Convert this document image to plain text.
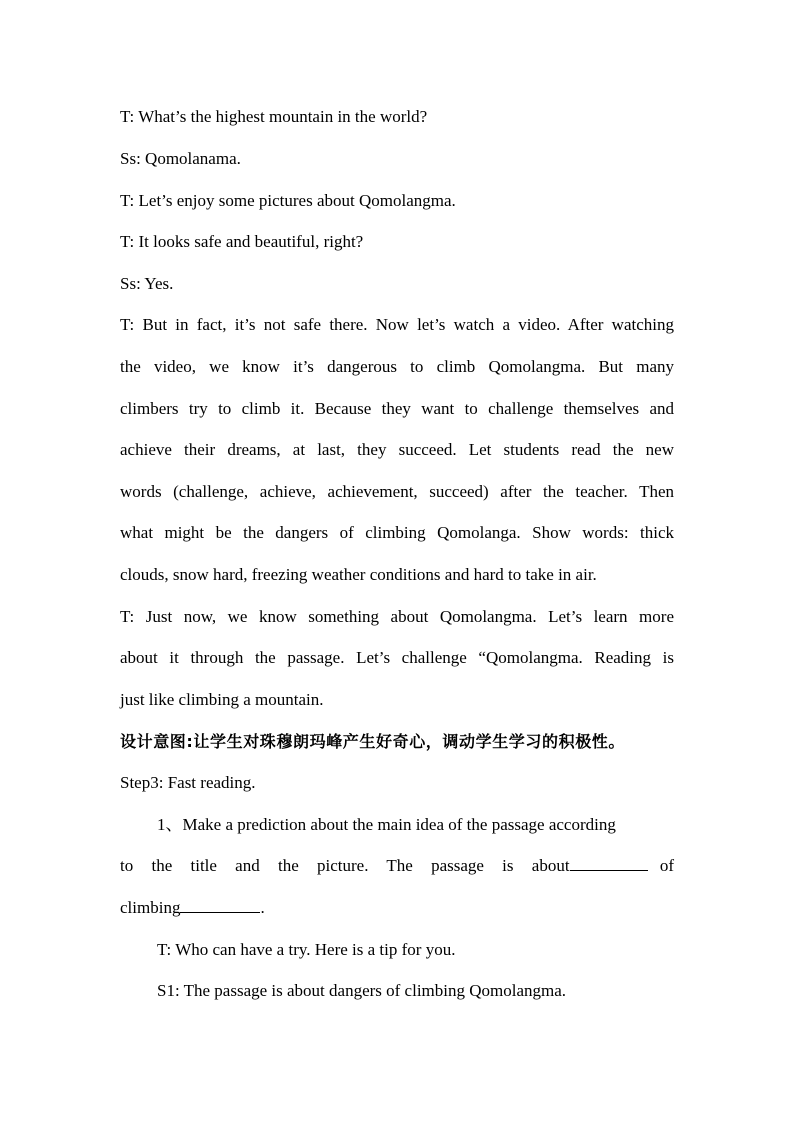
T: What’s the highest mountain in the world?
Ss: Qomolanama.
T: Let’s enjoy some pictures about Qomolangma.
T: It looks safe and beautiful, right?
Ss: Yes.
T: But in fact, it’s not safe there. Now let’s watch a video. After watching
the video, we know it’s dangerous to climb Qomolangma. But many
climbers try to climb it. Because they want to challenge themselves and
achieve their dreams, at last, they succeed. Let students read the new
words (challenge, achieve, achievement, succeed) after the teacher. Then
what might be the dangers of climbing Qomolanga. Show words: thick
clouds, snow hard, freezing weather conditions and hard to take in air.
T: Just now, we know something about Qomolangma. Let’s learn more
about it through the passage. Let’s challenge “Qomolangma. Reading is
just like climbing a mountain.
设计意图:让学生对珠穆朗玛峰产生好奇心，调动学生学习的积极性。
Step3: Fast reading.
1、Make a prediction about the main idea of the passage according
to the title and the picture. The passage is about	of
climbing	.
T: Who can have a try. Here is a tip for you.
S1: The passage is about dangers of climbing Qomolangma.
